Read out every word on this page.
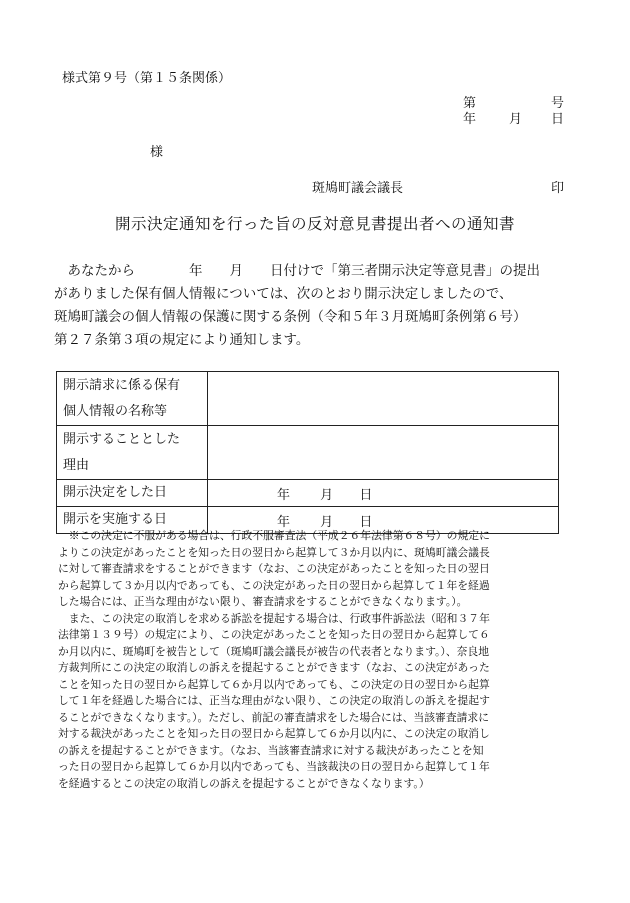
様式第９号（第１５条関係）
第	号
年	月 日
様
斑鳩町議会議長	印
開示決定通知を行った旨の反対意見書提出者への通知書
　あなたから　　　　年　　月　　日付けで「第三者開示決定等意見書」の提出
がありました保有個人情報については、次のとおり開示決定しましたので、
斑鳩町議会の個人情報の保護に関する条例（令和５年３月斑鳩町条例第６号）
第２７条第３項の規定により通知します。
開示請求に係る保有
個人情報の名称等	

開示することとした
理由	

開示決定をした日	年 月 日
開示を実施する日	年 月 日
　※この決定に不服がある場合は、行政不服審査法（平成２６年法律第６８号）の規定に
よりこの決定があったことを知った日の翌日から起算して３か月以内に、斑鳩町議会議長
に対して審査請求をすることができます（なお、この決定があったことを知った日の翌日
から起算して３か月以内であっても、この決定があった日の翌日から起算して１年を経過
した場合には、正当な理由がない限り、審査請求をすることができなくなります。）。
　また、この決定の取消しを求める訴訟を提起する場合は、行政事件訴訟法（昭和３７年
法律第１３９号）の規定により、この決定があったことを知った日の翌日から起算して６
か月以内に、斑鳩町を被告として（斑鳩町議会議長が被告の代表者となります。）、奈良地
方裁判所にこの決定の取消しの訴えを提起することができます（なお、この決定があった
ことを知った日の翌日から起算して６か月以内であっても、この決定の日の翌日から起算
して１年を経過した場合には、正当な理由がない限り、この決定の取消しの訴えを提起す
ることができなくなります。）。ただし、前記の審査請求をした場合には、当該審査請求に
対する裁決があったことを知った日の翌日から起算して６か月以内に、この決定の取消し
の訴えを提起することができます。（なお、当該審査請求に対する裁決があったことを知
った日の翌日から起算して６か月以内であっても、当該裁決の日の翌日から起算して１年
を経過するとこの決定の取消しの訴えを提起することができなくなります。）
